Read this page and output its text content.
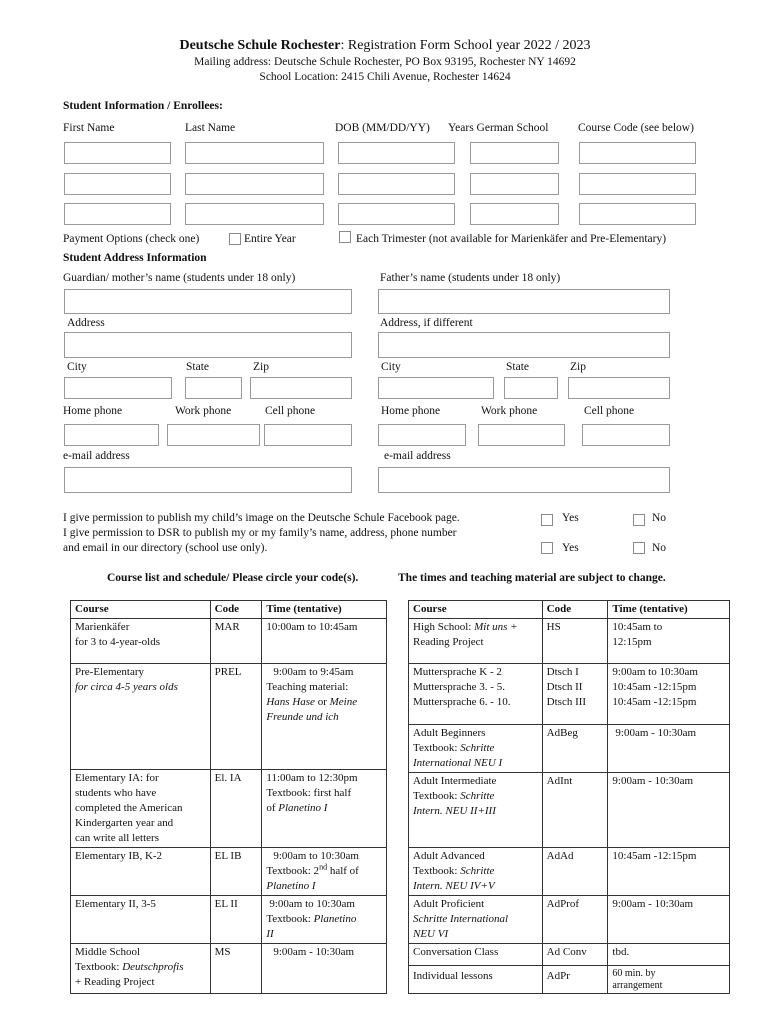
Deutsche Schule Rochester: Registration Form School year 2022 / 2023
Mailing address: Deutsche Schule Rochester, PO Box 93195, Rochester NY 14692
School Location: 2415 Chili Avenue, Rochester 14624
Student Information / Enrollees:
First Name	Last Name	DOB (MM/DD/YY) Years German School	Course Code (see below)
Payment Options (check one)	Entire Year	Each Trimester (not available for Marienkäfer and Pre-Elementary)
Student Address Information
Guardian/ mother’s name (students under 18 only)	Father’s name (students under 18 only)
Address	Address, if different
City	State	Zip	City	State	Zip
Home phone	Work phone	Cell phone	Home phone	Work phone	Cell phone
e-mail address	e-mail address
I give permission to publish my child’s image on the Deutsche Schule Facebook page.	Yes	No
I give permission to DSR to publish my or my family’s name, address, phone number
and email in our directory (school use only).	Yes	No
Course list and schedule/ Please circle your code(s).	The times and teaching material are subject to change.
Course	Code	Time (tentative)

Marienkäfer
for 3 to 4-year-olds	MAR	10:00am to 10:45am

Pre-Elementary
for circa 4-5 years olds	PREL	9:00am to 9:45am
Teaching material:
Hans Hase or Meine
Freunde und ich

Elementary IA: for
students who have
completed the American
Kindergarten year and
can write all letters	El. IA	11:00am to 12:30pm
Textbook: first half
of Planetino I

Elementary IB, K-2	EL IB	9:00am to 10:30am
Textbook: 2nd half of
Planetino I

Elementary II, 3-5	EL II	9:00am to 10:30am
Textbook: Planetino
II

Middle School
Textbook: Deutschprofis
+ Reading Project	MS	9:00am - 10:30am
Course	Code	Time (tentative)

High School: Mit uns +
Reading Project	HS	10:45am to
12:15pm

Muttersprache K - 2
Muttersprache 3. - 5.
Muttersprache 6. - 10.	Dtsch I
Dtsch II
Dtsch III	9:00am to 10:30am
10:45am -12:15pm
10:45am -12:15pm

Adult Beginners
Textbook: Schritte
International NEU I	AdBeg	9:00am - 10:30am

Adult Intermediate
Textbook: Schritte
Intern. NEU II+III	AdInt	9:00am - 10:30am

Adult Advanced
Textbook: Schritte
Intern. NEU IV+V	AdAd	10:45am -12:15pm

Adult Proficient
Schritte International
NEU VI	AdProf	9:00am - 10:30am

Conversation Class	Ad Conv	tbd.

Individual lessons	AdPr	60 min. by
arrangement
